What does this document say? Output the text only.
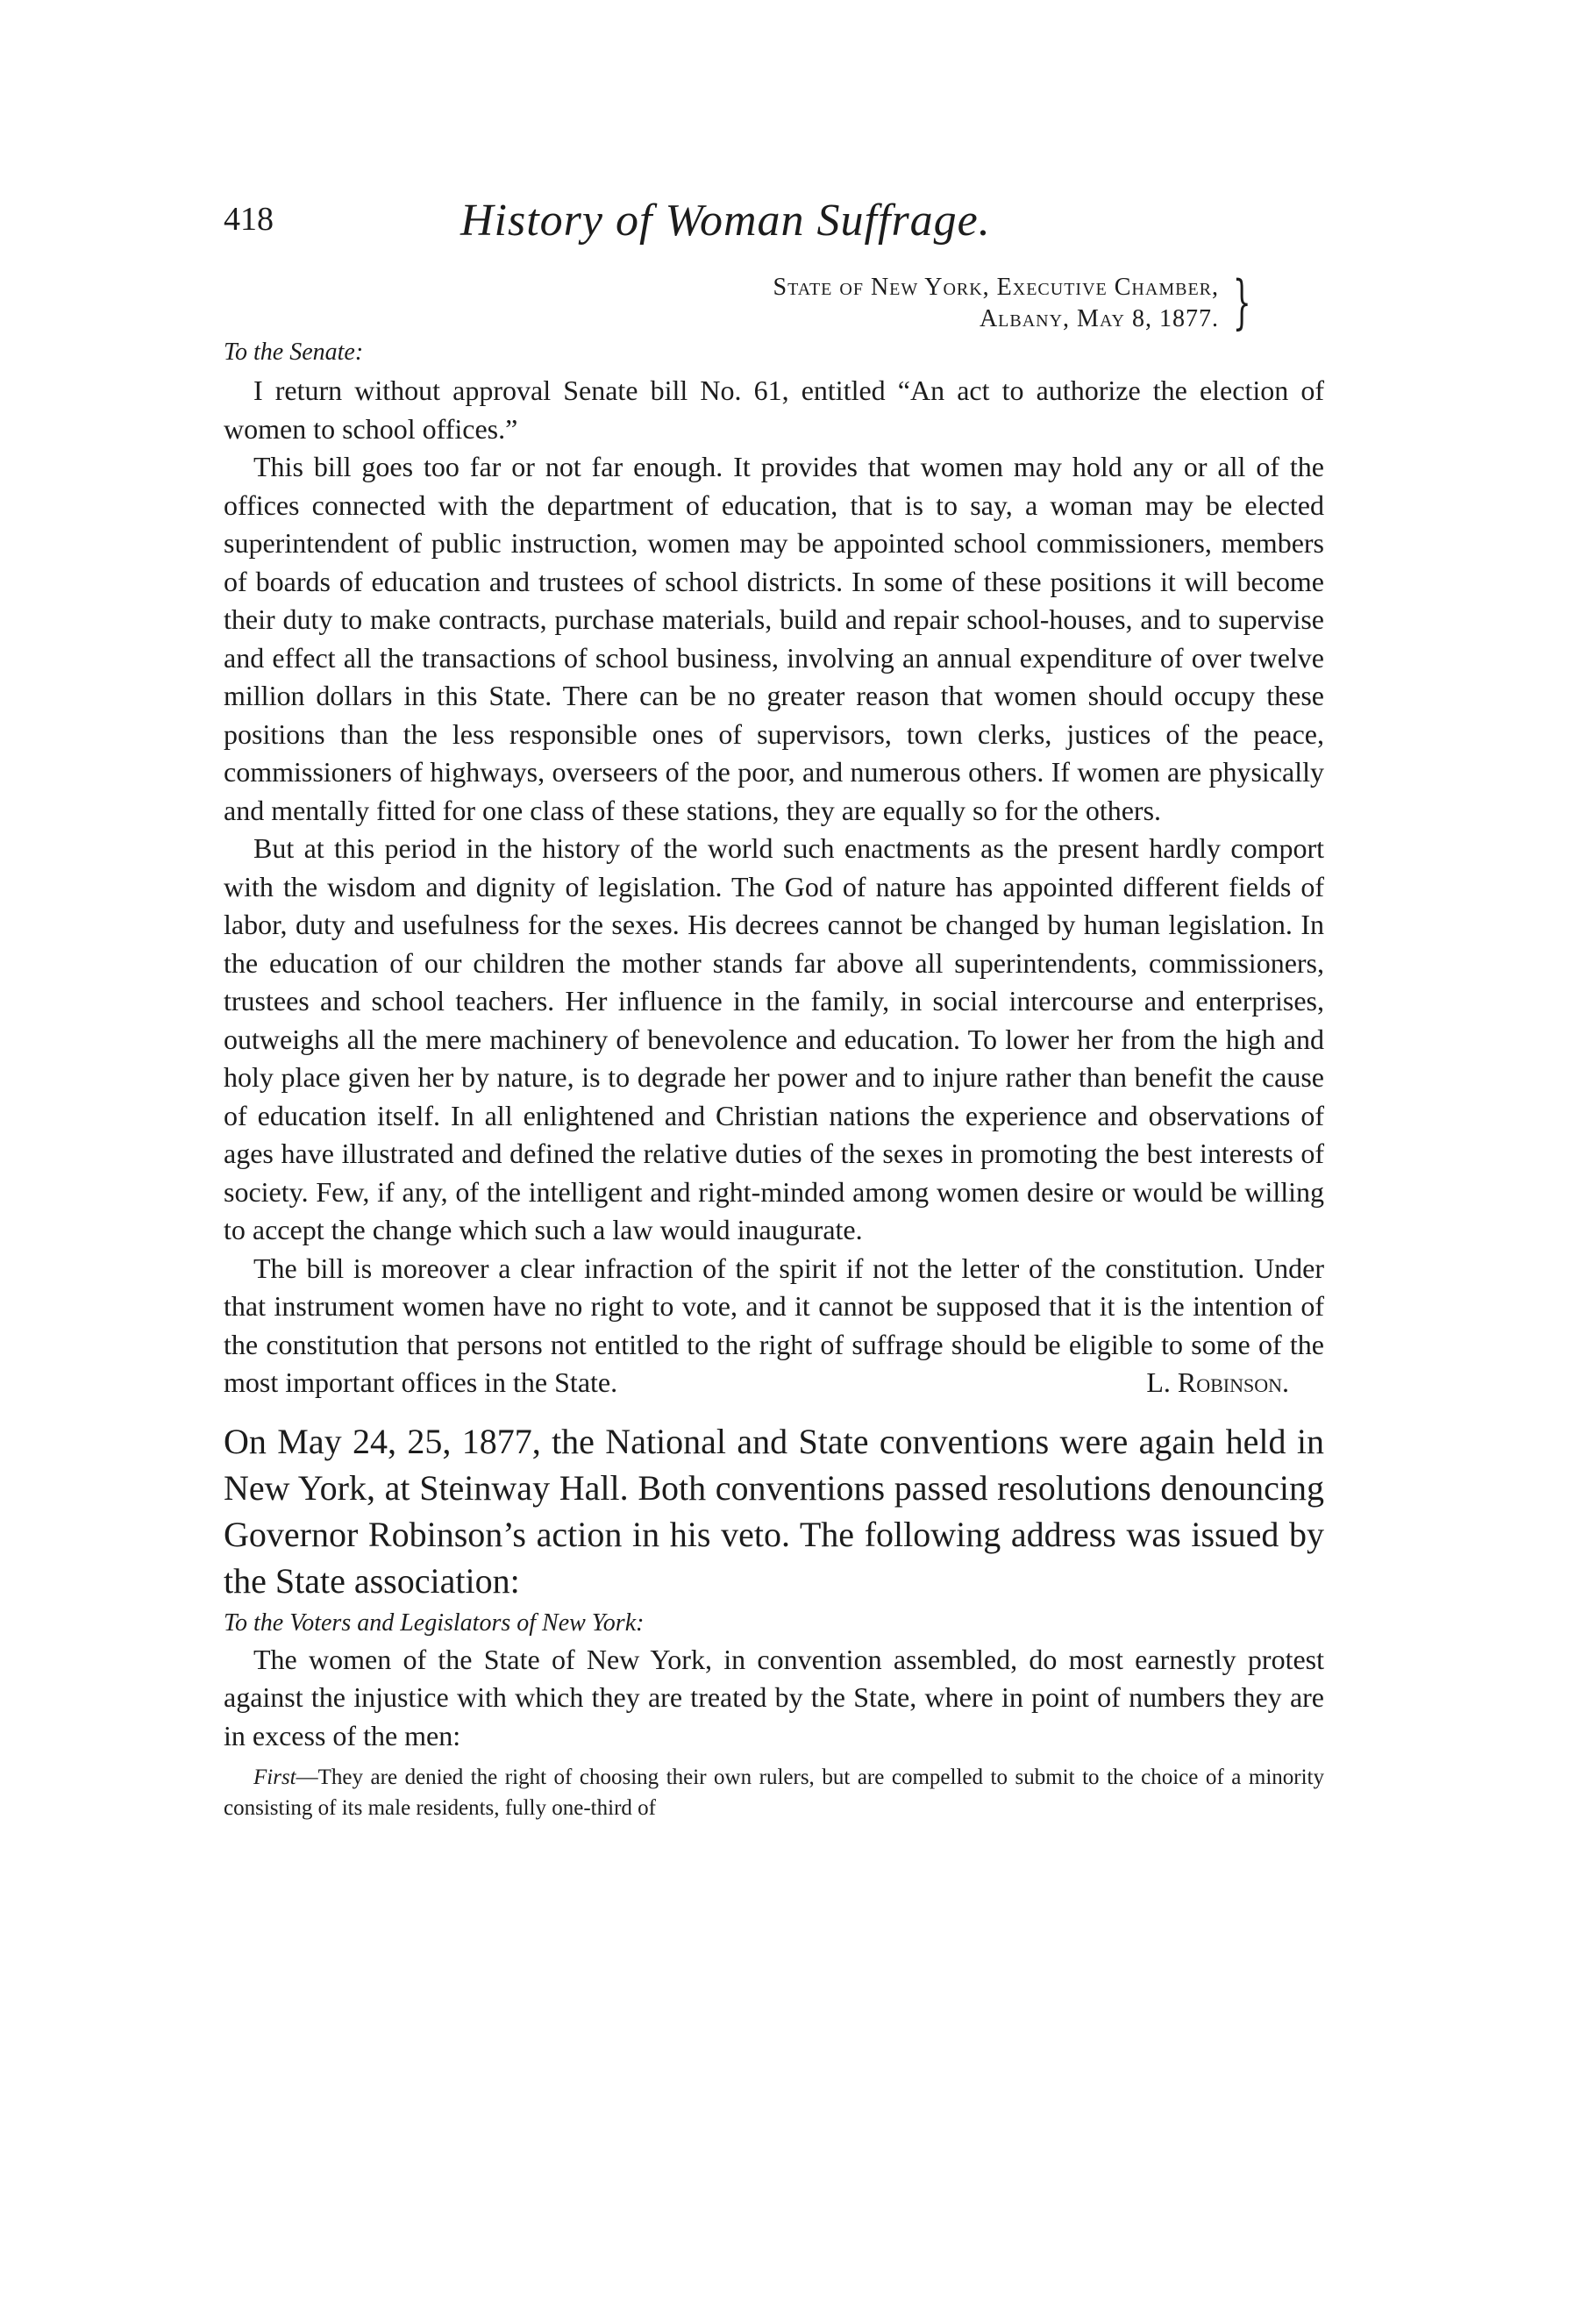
418	History of Woman Suffrage.
State of New York, Executive Chamber,
Albany, May 8, 1877. }
To the Senate:

I return without approval Senate bill No. 61, entitled “An act to authorize the election of women to school offices.”

This bill goes too far or not far enough. It provides that women may hold any or all of the offices connected with the department of education, that is to say, a woman may be elected superintendent of public instruction, women may be appointed school commissioners, members of boards of education and trustees of school districts. In some of these positions it will become their duty to make contracts, purchase materials, build and repair school-houses, and to supervise and effect all the transactions of school business, involving an annual expenditure of over twelve million dollars in this State. There can be no greater reason that women should occupy these positions than the less responsible ones of supervisors, town clerks, justices of the peace, commissioners of highways, overseers of the poor, and numerous others. If women are physically and mentally fitted for one class of these stations, they are equally so for the others.

But at this period in the history of the world such enactments as the present hardly comport with the wisdom and dignity of legislation. The God of nature has appointed different fields of labor, duty and usefulness for the sexes. His decrees cannot be changed by human legislation. In the education of our children the mother stands far above all superintendents, commissioners, trustees and school teachers. Her influence in the family, in social intercourse and enterprises, outweighs all the mere machinery of benevolence and education. To lower her from the high and holy place given her by nature, is to degrade her power and to injure rather than benefit the cause of education itself. In all enlightened and Christian nations the experience and observations of ages have illustrated and defined the relative duties of the sexes in promoting the best interests of society. Few, if any, of the intelligent and right-minded among women desire or would be willing to accept the change which such a law would inaugurate.

The bill is moreover a clear infraction of the spirit if not the letter of the constitution. Under that instrument women have no right to vote, and it cannot be supposed that it is the intention of the constitution that persons not entitled to the right of suffrage should be eligible to some of the most important offices in the State.	L. Robinson.

On May 24, 25, 1877, the National and State conventions were again held in New York, at Steinway Hall. Both conventions passed resolutions denouncing Governor Robinson’s action in his veto. The following address was issued by the State association:

To the Voters and Legislators of New York:

The women of the State of New York, in convention assembled, do most earnestly protest against the injustice with which they are treated by the State, where in point of numbers they are in excess of the men:

First—They are denied the right of choosing their own rulers, but are compelled to submit to the choice of a minority consisting of its male residents, fully one-third of
